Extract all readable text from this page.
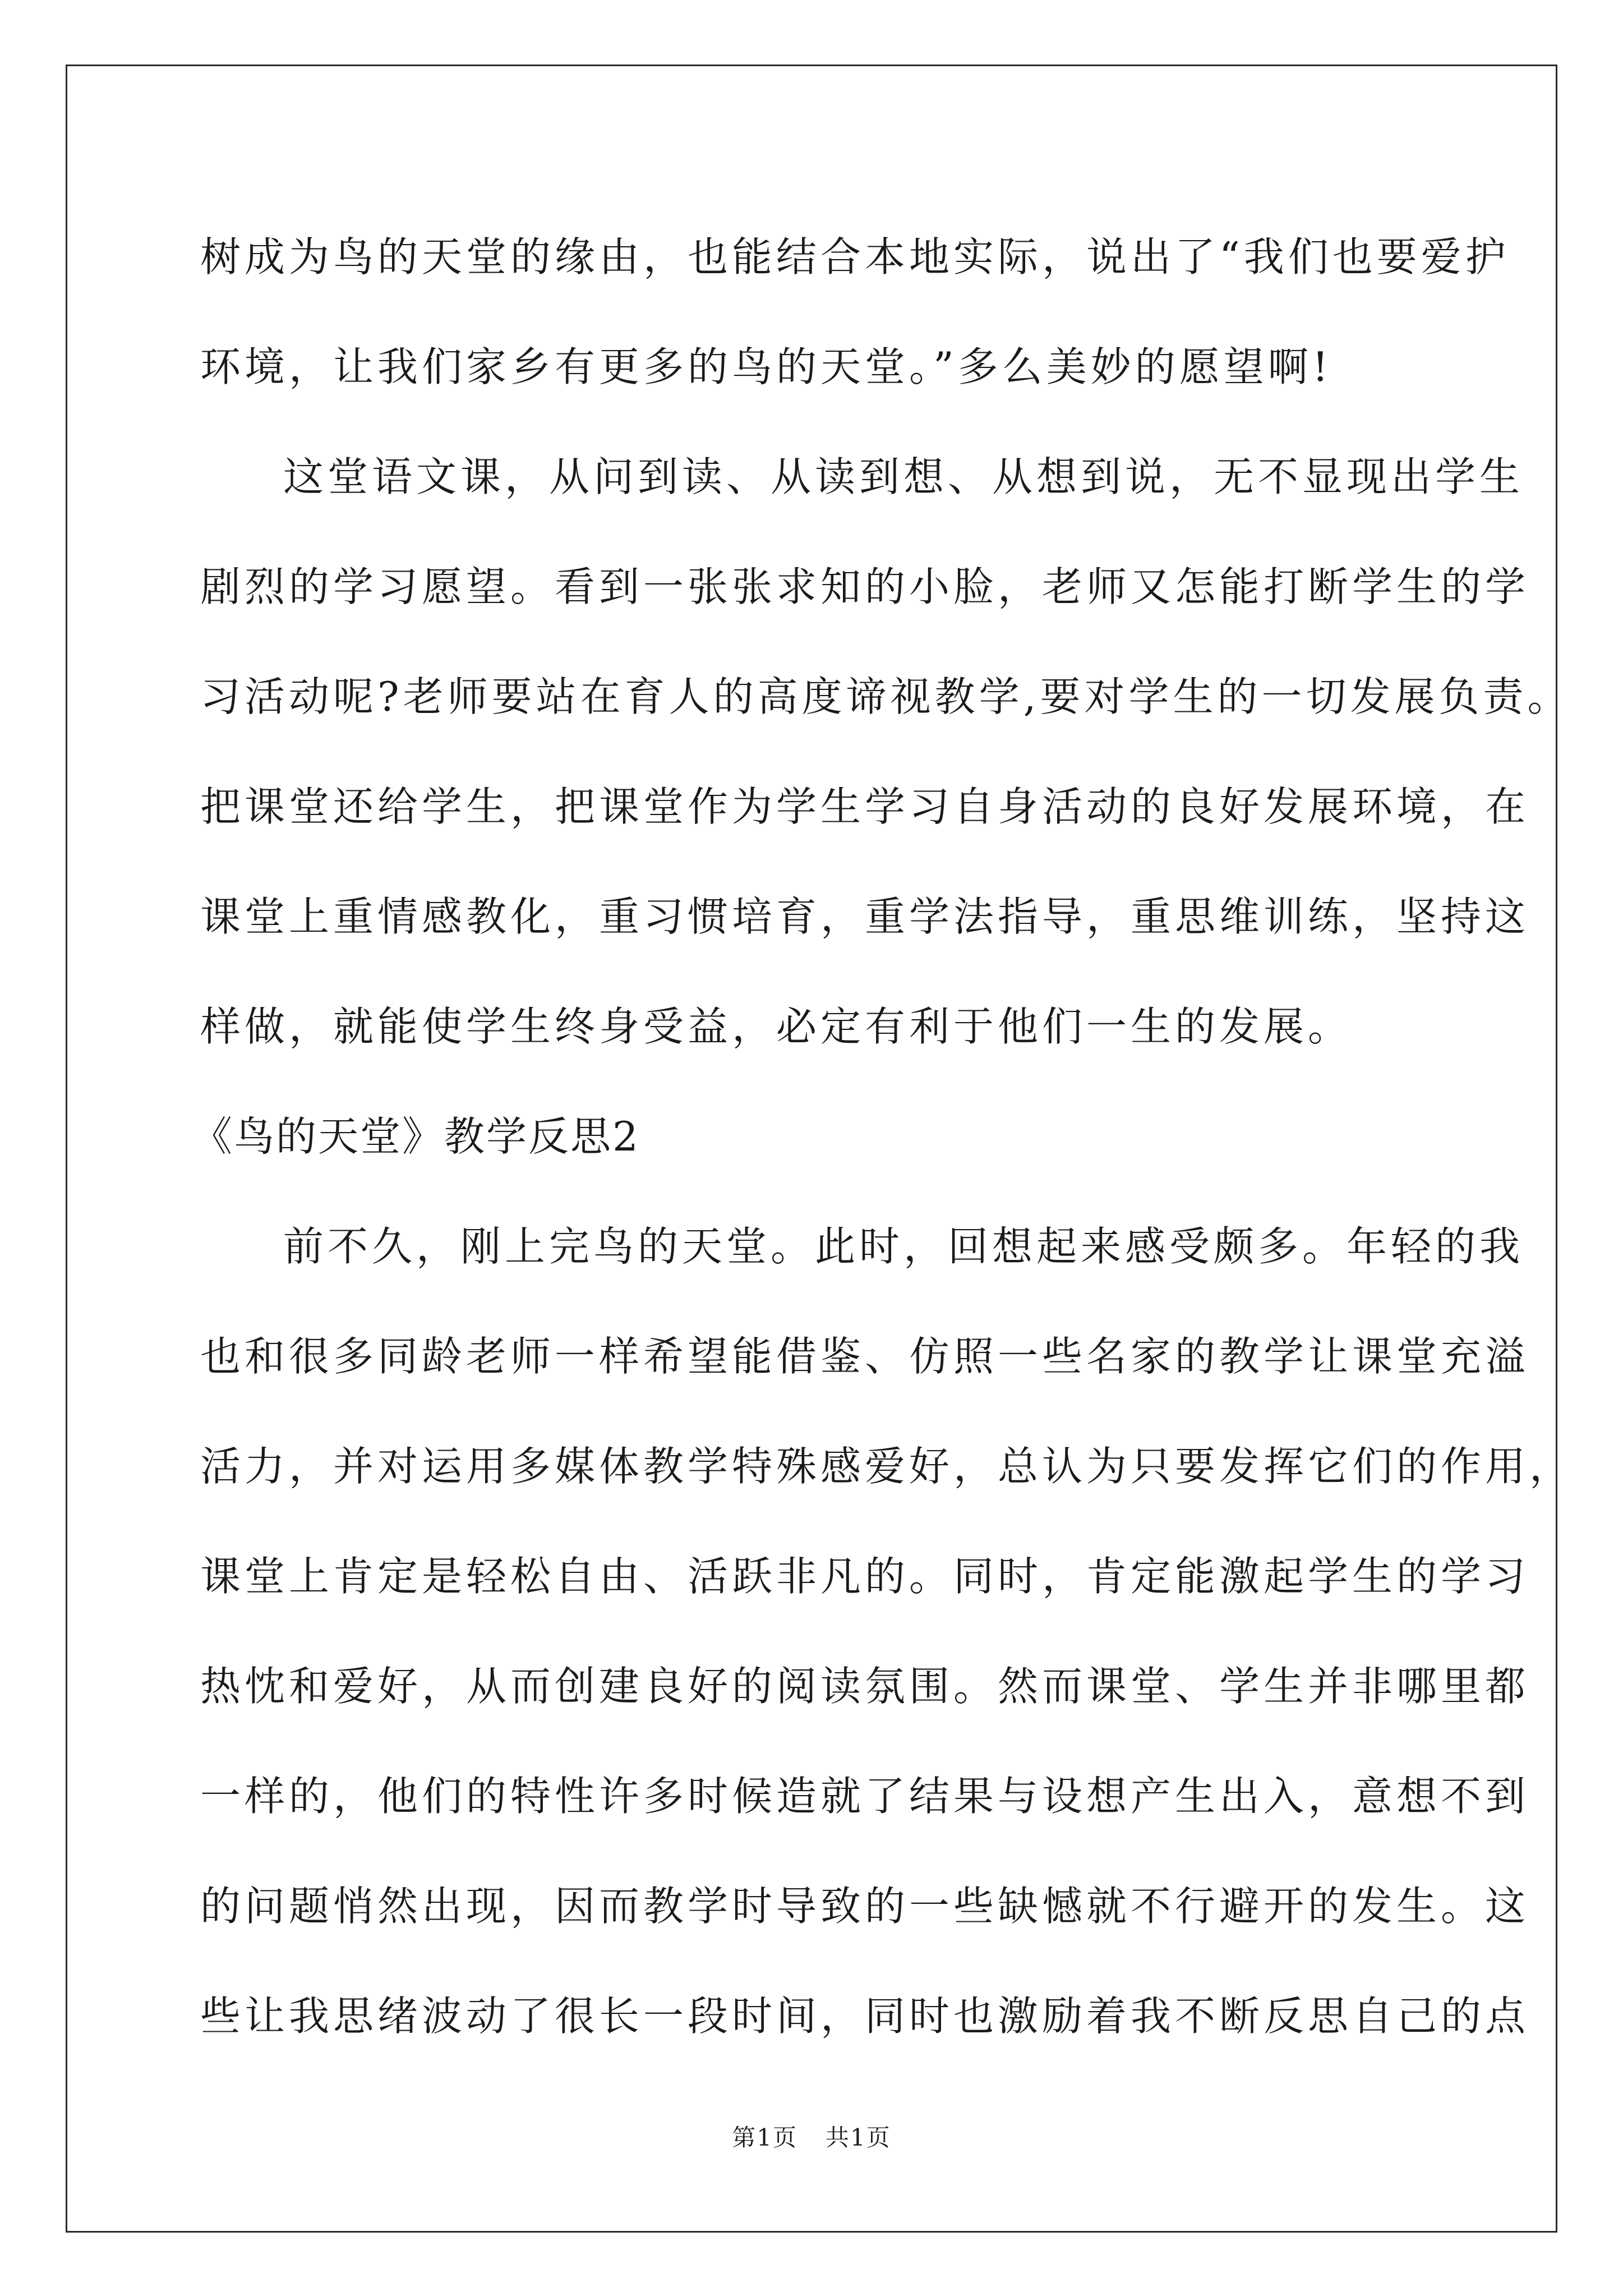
树成为鸟的天堂的缘由，也能结合本地实际，说出了“我们也要爱护
环境，让我们家乡有更多的鸟的天堂。”多么美妙的愿望啊!
这堂语文课，从问到读、从读到想、从想到说，无不显现出学生
剧烈的学习愿望。看到一张张求知的小脸，老师又怎能打断学生的学
习活动呢?老师要站在育人的高度谛视教学,要对学生的一切发展负责。
把课堂还给学生，把课堂作为学生学习自身活动的良好发展环境，在
课堂上重情感教化，重习惯培育，重学法指导，重思维训练，坚持这
样做，就能使学生终身受益，必定有利于他们一生的发展。
《鸟的天堂》教学反思2
前不久，刚上完鸟的天堂。此时，回想起来感受颇多。年轻的我
也和很多同龄老师一样希望能借鉴、仿照一些名家的教学让课堂充溢
活力，并对运用多媒体教学特殊感爱好，总认为只要发挥它们的作用，
课堂上肯定是轻松自由、活跃非凡的。同时，肯定能激起学生的学习
热忱和爱好，从而创建良好的阅读氛围。然而课堂、学生并非哪里都
一样的，他们的特性许多时候造就了结果与设想产生出入，意想不到
的问题悄然出现，因而教学时导致的一些缺憾就不行避开的发生。这
些让我思绪波动了很长一段时间，同时也激励着我不断反思自己的点
第1页 共1页
